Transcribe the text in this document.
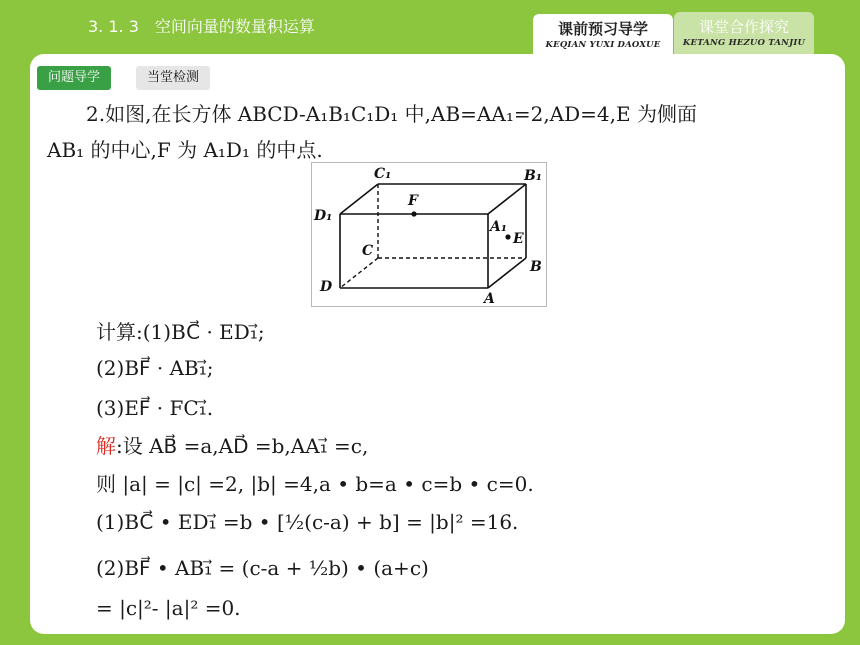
3. 1. 3　空间向量的数量积运算	课前预习导学
KEQIAN YUXI DAOXUE
课堂合作探究
KETANG HEZUO TANJIU
问题导学	当堂检测
2.如图,在长方体 ABCD-A₁B₁C₁D₁ 中,AB=AA₁=2,AD=4,E 为侧面
AB₁ 的中心,F 为 A₁D₁ 的中点.
C₁	B₁
D₁
F
A₁
E
C
B
D
A
计算:(1)BC⃗ · ED₁⃗;
(2)BF⃗ · AB₁⃗;
(3)EF⃗ · FC₁⃗.
解:设 AB⃗ =a,AD⃗ =b,AA₁⃗ =c,
则 |a| = |c| =2, |b| =4,a • b=a • c=b • c=0.
(1)BC⃗ • ED₁⃗ =b • [½(c-a) + b] = |b|² =16.
(2)BF⃗ • AB₁⃗ = (c-a + ½b) • (a+c)
= |c|²- |a|² =0.
